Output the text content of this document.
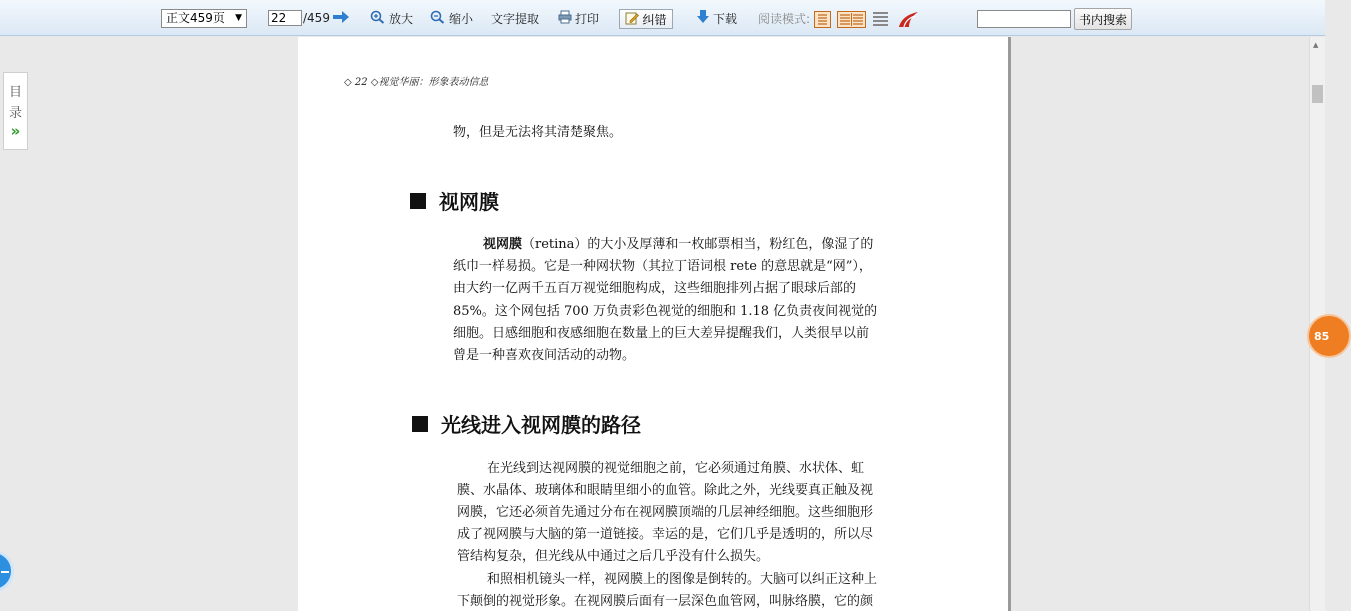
正文459页 ▼ 22	/459	放大	缩小 文字提取	打印	纠错	下载 阅读模式:	书内搜索
目
录
»
◇ 22 ◇视觉华丽：形象表动信息
物，但是无法将其清楚聚焦。
视网膜
视网膜（retina）的大小及厚薄和一枚邮票相当，粉红色，像湿了的
纸巾一样易损。它是一种网状物（其拉丁语词根 rete 的意思就是“网”），
由大约一亿两千五百万视觉细胞构成，这些细胞排列占据了眼球后部的
85%。这个网包括 700 万负责彩色视觉的细胞和 1.18 亿负责夜间视觉的
细胞。日感细胞和夜感细胞在数量上的巨大差异提醒我们，人类很早以前
曾是一种喜欢夜间活动的动物。
光线进入视网膜的路径
在光线到达视网膜的视觉细胞之前，它必须通过角膜、水状体、虹
膜、水晶体、玻璃体和眼睛里细小的血管。除此之外，光线要真正触及视
网膜，它还必须首先通过分布在视网膜顶端的几层神经细胞。这些细胞形
成了视网膜与大脑的第一道链接。幸运的是，它们几乎是透明的，所以尽
管结构复杂，但光线从中通过之后几乎没有什么损失。
和照相机镜头一样，视网膜上的图像是倒转的。大脑可以纠正这种上
下颠倒的视觉形象。在视网膜后面有一层深色血管网，叫脉络膜，它的颜
▲
85
